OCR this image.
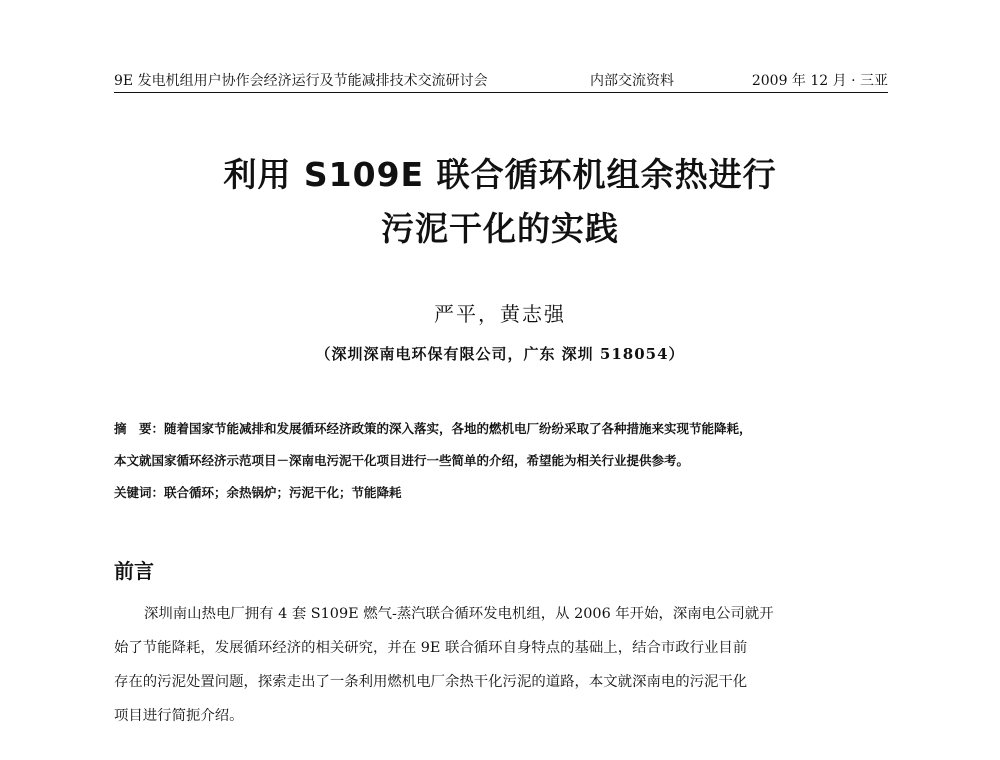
9E 发电机组用户协作会经济运行及节能减排技术交流研讨会	内部交流资料	2009 年 12 月 · 三亚
利用 S109E 联合循环机组余热进行
污泥干化的实践
严平，黄志强
（深圳深南电环保有限公司，广东 深圳 518054）

摘　要：随着国家节能减排和发展循环经济政策的深入落实，各地的燃机电厂纷纷采取了各种措施来实现节能降耗，

本文就国家循环经济示范项目－深南电污泥干化项目进行一些简单的介绍，希望能为相关行业提供参考。

关键词：联合循环；余热锅炉；污泥干化；节能降耗

前言

深圳南山热电厂拥有 4 套 S109E 燃气-蒸汽联合循环发电机组，从 2006 年开始，深南电公司就开
始了节能降耗，发展循环经济的相关研究，并在 9E 联合循环自身特点的基础上，结合市政行业目前
存在的污泥处置问题，探索走出了一条利用燃机电厂余热干化污泥的道路，本文就深南电的污泥干化
项目进行简扼介绍。
